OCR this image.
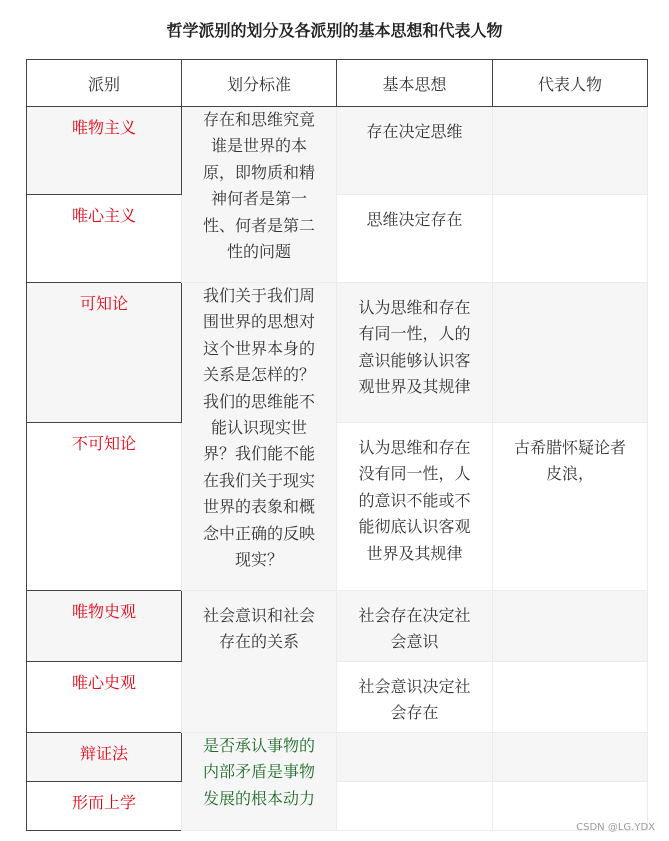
哲学派别的划分及各派别的基本思想和代表人物
派别	划分标准	基本思想	代表人物
唯物主义	存在和思维究竟谁是世界的本原，即物质和精神何者是第一性、何者是第二性的问题	存在决定思维	
唯心主义		思维决定存在	
可知论	我们关于我们周围世界的思想对这个世界本身的关系是怎样的？我们的思维能不能认识现实世界？我们能不能在我们关于现实世界的表象和概念中正确的反映现实？	认为思维和存在有同一性，人的意识能够认识客观世界及其规律	
不可知论		认为思维和存在没有同一性，人的意识不能或不能彻底认识客观世界及其规律	古希腊怀疑论者皮浪，
唯物史观	社会意识和社会存在的关系	社会存在决定社会意识	
唯心史观		社会意识决定社会存在	
辩证法	是否承认事物的内部矛盾是事物发展的根本动力		
形而上学			
CSDN @LG.YDX
